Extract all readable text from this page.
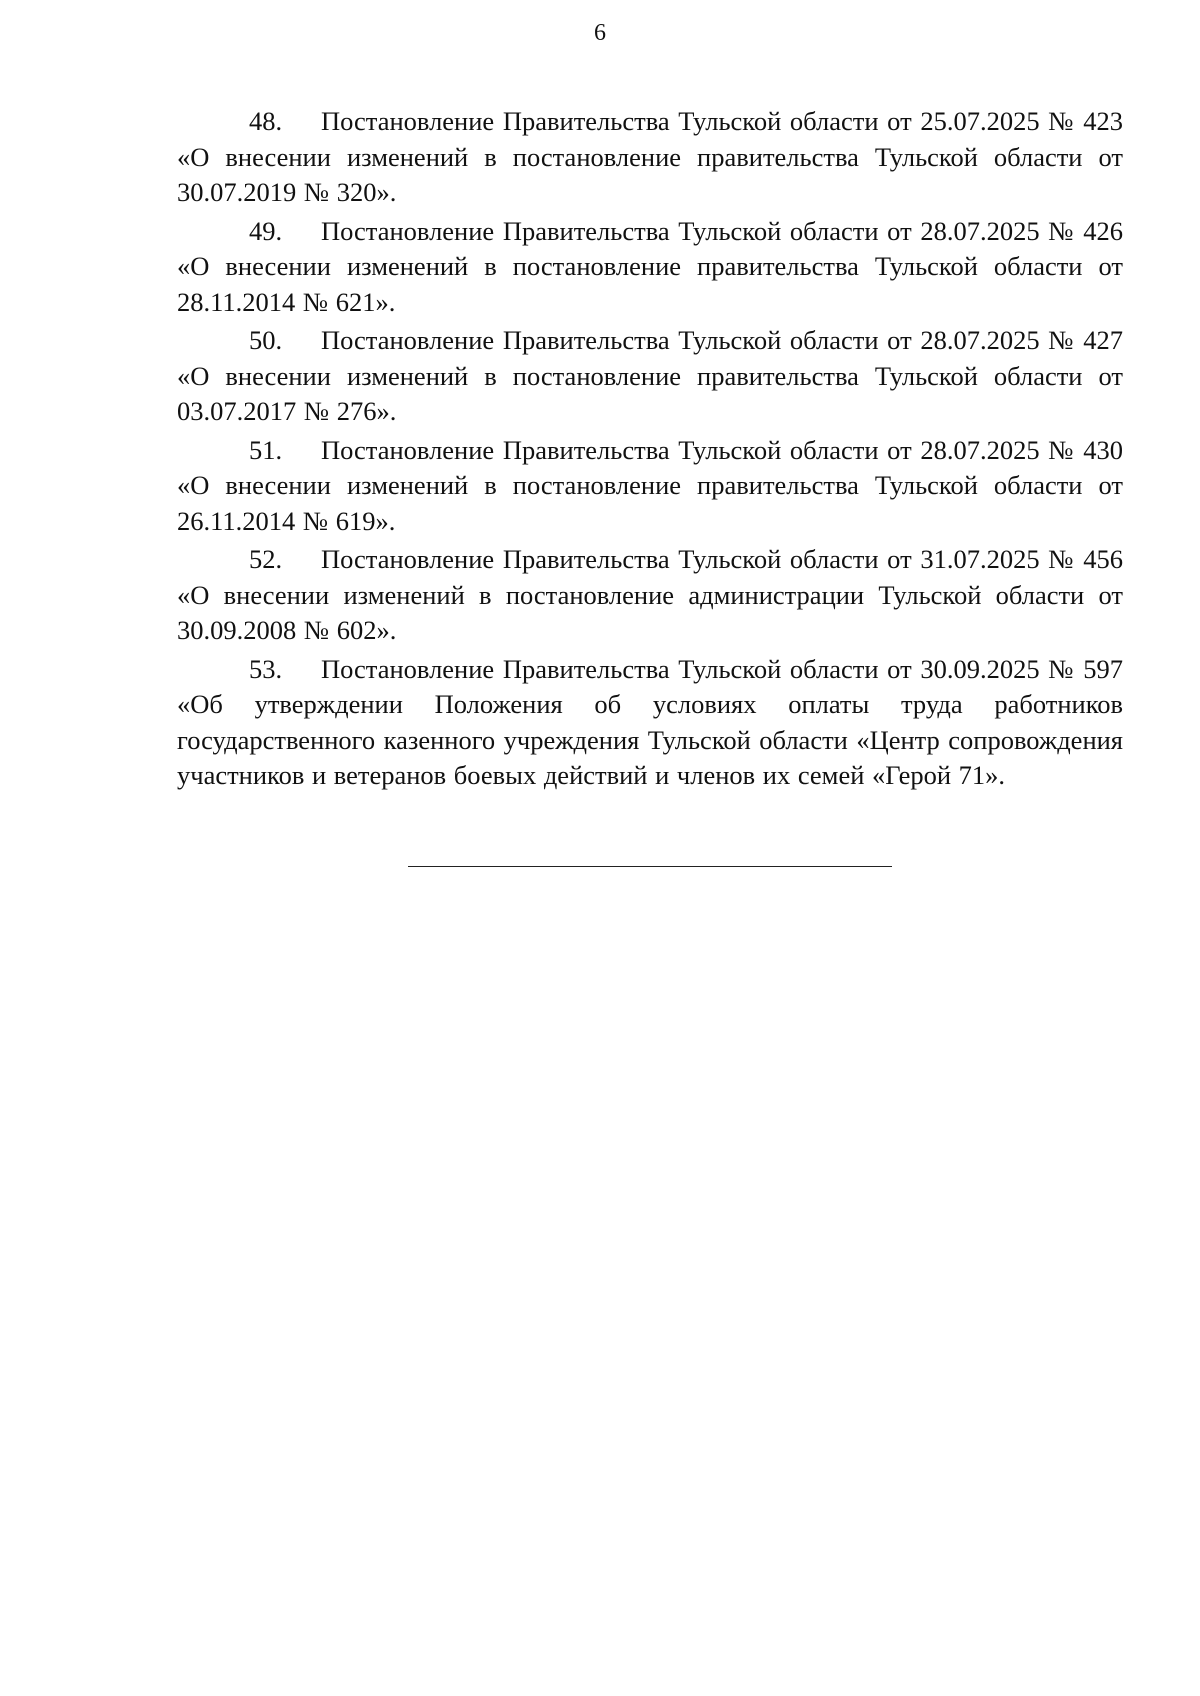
6

48. Постановление Правительства Тульской области от 25.07.2025 № 423 «О внесении изменений в постановление правительства Тульской области от 30.07.2019 № 320».

49. Постановление Правительства Тульской области от 28.07.2025 № 426 «О внесении изменений в постановление правительства Тульской области от 28.11.2014 № 621».

50. Постановление Правительства Тульской области от 28.07.2025 № 427 «О внесении изменений в постановление правительства Тульской области от 03.07.2017 № 276».

51. Постановление Правительства Тульской области от 28.07.2025 № 430 «О внесении изменений в постановление правительства Тульской области от 26.11.2014 № 619».

52. Постановление Правительства Тульской области от 31.07.2025 № 456 «О внесении изменений в постановление администрации Тульской области от 30.09.2008 № 602».

53. Постановление Правительства Тульской области от 30.09.2025 № 597 «Об утверждении Положения об условиях оплаты труда работников государственного казенного учреждения Тульской области «Центр сопровождения участников и ветеранов боевых действий и членов их семей «Герой 71».
